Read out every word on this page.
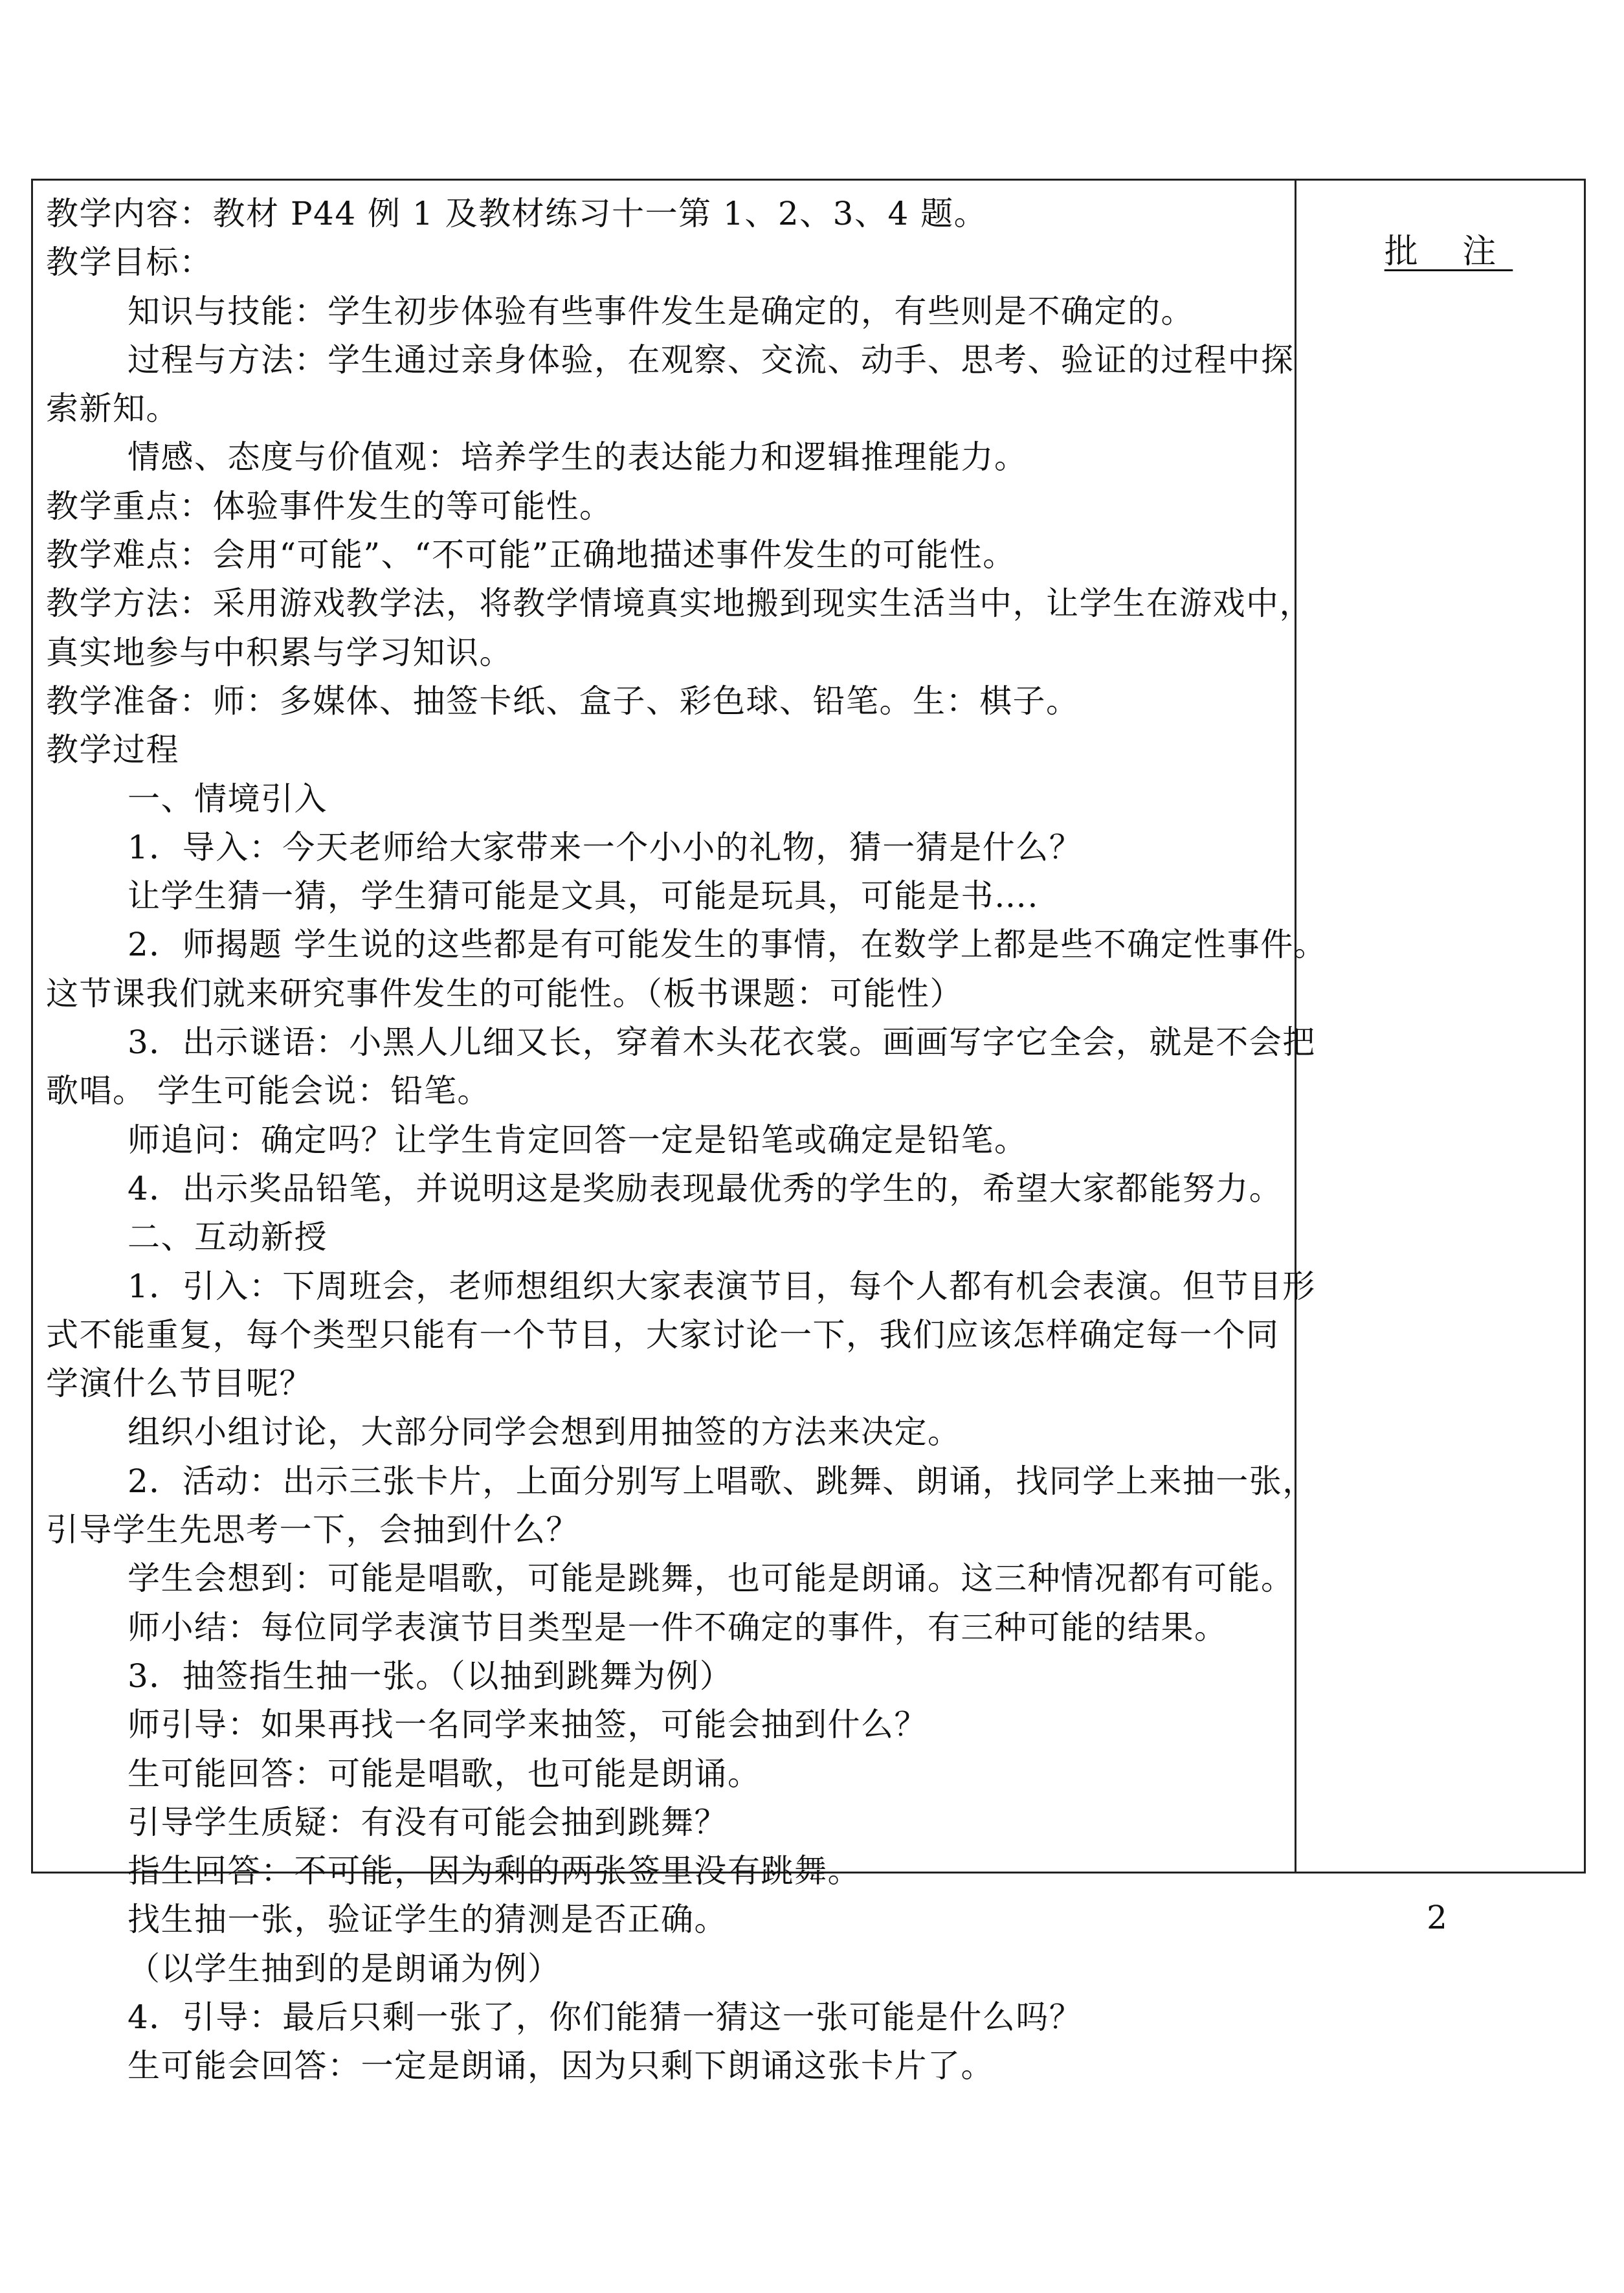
教学内容：教材 P44 例 1 及教材练习十一第 1、2、3、4 题。
教学目标：
知识与技能：学生初步体验有些事件发生是确定的，有些则是不确定的。
过程与方法：学生通过亲身体验，在观察、交流、动手、思考、验证的过程中探
索新知。
情感、态度与价值观：培养学生的表达能力和逻辑推理能力。
教学重点：体验事件发生的等可能性。
教学难点：会用“可能”、“不可能”正确地描述事件发生的可能性。
教学方法：采用游戏教学法，将教学情境真实地搬到现实生活当中，让学生在游戏中，
真实地参与中积累与学习知识。
教学准备：师：多媒体、抽签卡纸、盒子、彩色球、铅笔。生：棋子。
教学过程
一、情境引入
1．导入：今天老师给大家带来一个小小的礼物，猜一猜是什么？
让学生猜一猜，学生猜可能是文具，可能是玩具，可能是书….
2．师揭题 学生说的这些都是有可能发生的事情，在数学上都是些不确定性事件。
这节课我们就来研究事件发生的可能性。（板书课题：可能性）
3．出示谜语：小黑人儿细又长，穿着木头花衣裳。画画写字它全会，就是不会把
歌唱。 学生可能会说：铅笔。
师追问：确定吗？让学生肯定回答一定是铅笔或确定是铅笔。
4．出示奖品铅笔，并说明这是奖励表现最优秀的学生的，希望大家都能努力。
二、互动新授
1．引入：下周班会，老师想组织大家表演节目，每个人都有机会表演。但节目形
式不能重复，每个类型只能有一个节目，大家讨论一下，我们应该怎样确定每一个同
学演什么节目呢？
组织小组讨论，大部分同学会想到用抽签的方法来决定。
2．活动：出示三张卡片，上面分别写上唱歌、跳舞、朗诵，找同学上来抽一张，
引导学生先思考一下，会抽到什么？
学生会想到：可能是唱歌，可能是跳舞，也可能是朗诵。这三种情况都有可能。
师小结：每位同学表演节目类型是一件不确定的事件，有三种可能的结果。
3．抽签指生抽一张。（以抽到跳舞为例）
师引导：如果再找一名同学来抽签，可能会抽到什么？
生可能回答：可能是唱歌，也可能是朗诵。
引导学生质疑：有没有可能会抽到跳舞？
指生回答：不可能，因为剩的两张签里没有跳舞。
找生抽一张，验证学生的猜测是否正确。
（以学生抽到的是朗诵为例）
4．引导：最后只剩一张了，你们能猜一猜这一张可能是什么吗？
生可能会回答：一定是朗诵，因为只剩下朗诵这张卡片了。
批 注
2
